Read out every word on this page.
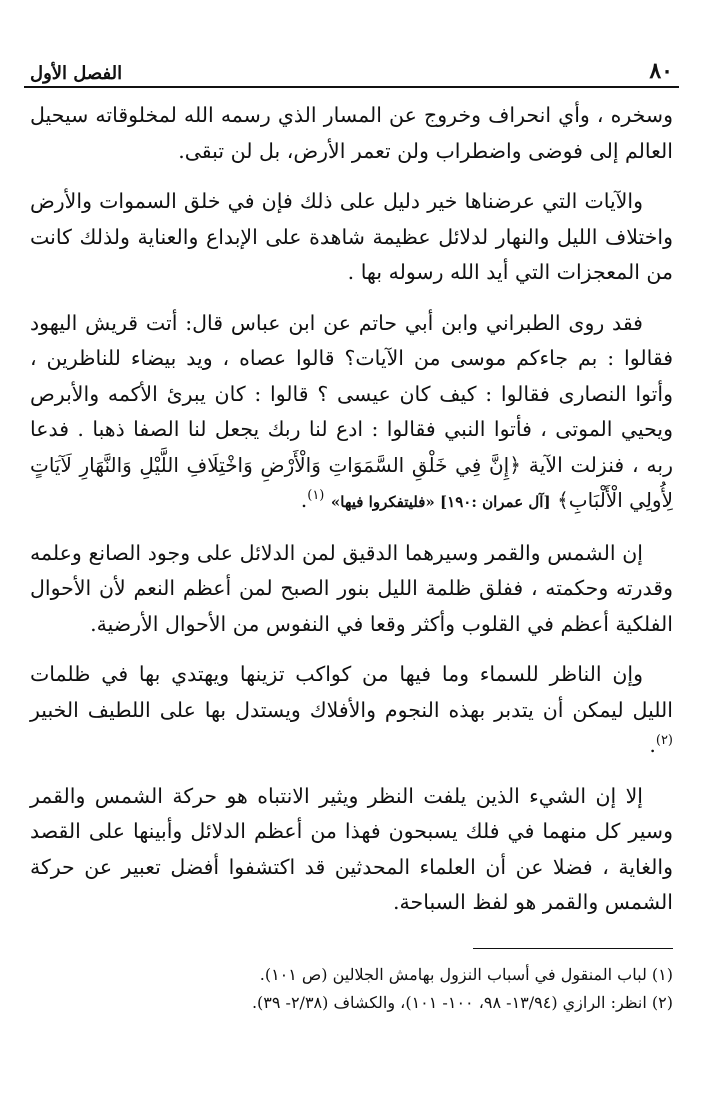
٨٠
الفصل الأول

وسخره ، وأي انحراف وخروج عن المسار الذي رسمه الله لمخلوقاته سيحيل العالم إلى فوضى واضطراب ولن تعمر الأرض، بل لن تبقى.

والآيات التي عرضناها خير دليل على ذلك فإن في خلق السموات والأرض واختلاف الليل والنهار لدلائل عظيمة شاهدة على الإبداع والعناية ولذلك كانت من المعجزات التي أيد الله رسوله بها .

فقد روى الطبراني وابن أبي حاتم عن ابن عباس قال: أتت قريش اليهود فقالوا : بم جاءكم موسى من الآيات؟ قالوا عصاه ، ويد بيضاء للناظرين ، وأتوا النصارى فقالوا : كيف كان عيسى ؟ قالوا : كان يبرئ الأكمه والأبرص ويحيي الموتى ، فأتوا النبي فقالوا : ادع لنا ربك يجعل لنا الصفا ذهبا . فدعا ربه ، فنزلت الآية ﴿إِنَّ فِي خَلْقِ السَّمَوَاتِ وَالْأَرْضِ وَاخْتِلَافِ اللَّيْلِ وَالنَّهَارِ لَآيَاتٍ لِأُولِي الْأَلْبَابِ﴾ [آل عمران :١٩٠] «فليتفكروا فيها» $^{(١)}$.

إن الشمس والقمر وسيرهما الدقيق لمن الدلائل على وجود الصانع وعلمه وقدرته وحكمته ، ففلق ظلمة الليل بنور الصبح لمن أعظم النعم لأن الأحوال الفلكية أعظم في القلوب وأكثر وقعا في النفوس من الأحوال الأرضية.

وإن الناظر للسماء وما فيها من كواكب تزينها ويهتدي بها في ظلمات الليل ليمكن أن يتدبر بهذه النجوم والأفلاك ويستدل بها على اللطيف الخبير $^{(٢)}$.

إلا إن الشيء الذين يلفت النظر ويثير الانتباه هو حركة الشمس والقمر وسير كل منهما في فلك يسبحون فهذا من أعظم الدلائل وأبينها على القصد والغاية ، فضلا عن أن العلماء المحدثين قد اكتشفوا أفضل تعبير عن حركة الشمس والقمر هو لفظ السباحة.

(١) لباب المنقول في أسباب النزول بهامش الجلالين (ص ١٠١).
(٢) انظر: الرازي (١٣/٩٤- ٩٨، ١٠٠- ١٠١)، والكشاف (٢/٣٨- ٣٩).
